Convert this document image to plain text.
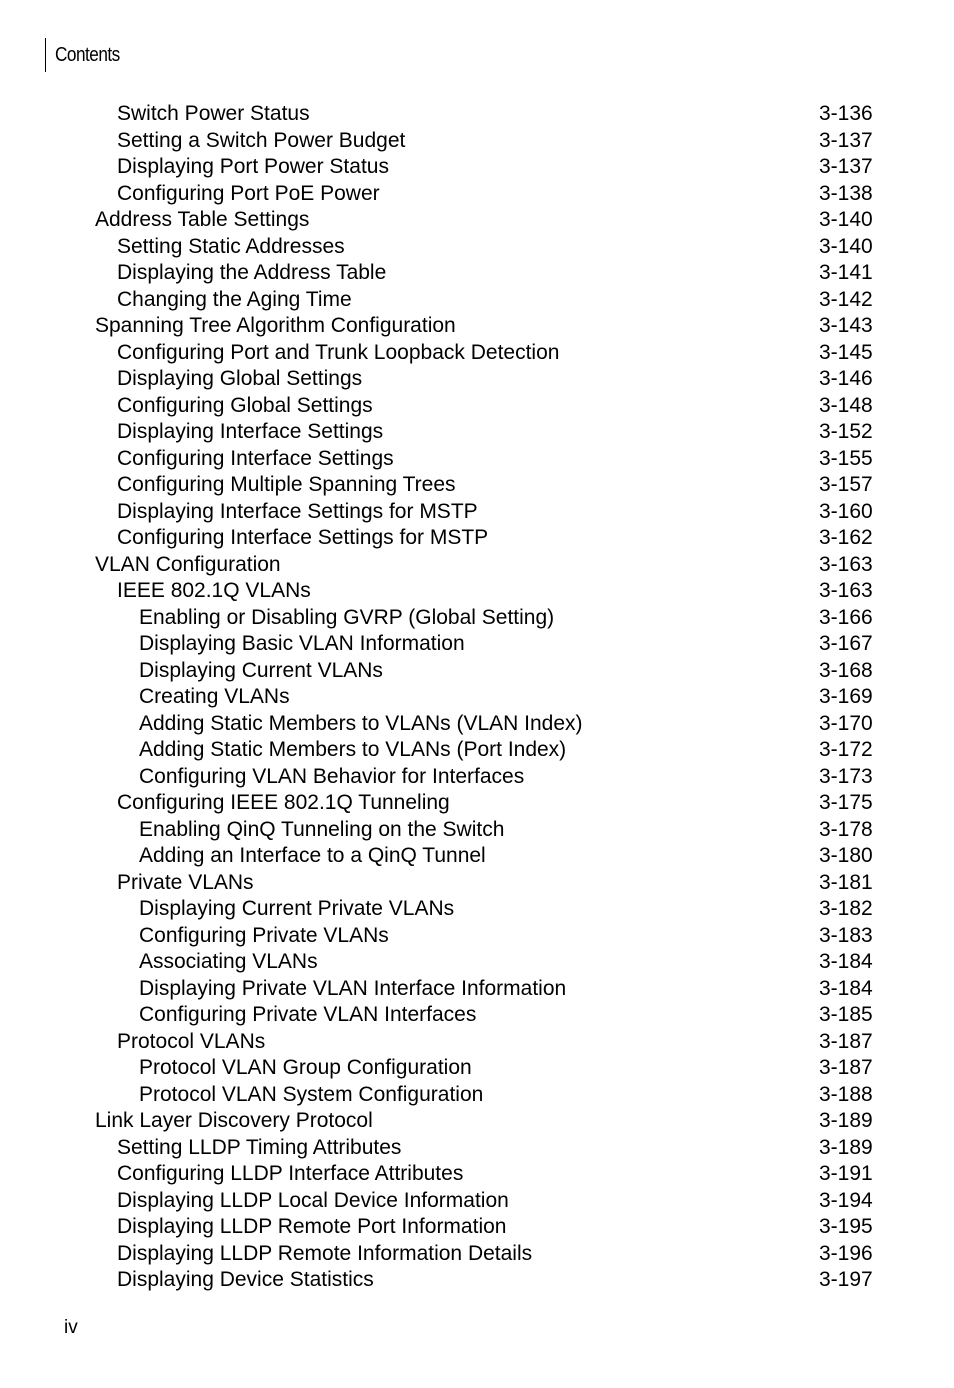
Contents
Switch Power Status	3-136
Setting a Switch Power Budget	3-137
Displaying Port Power Status	3-137
Configuring Port PoE Power	3-138
Address Table Settings	3-140
Setting Static Addresses	3-140
Displaying the Address Table	3-141
Changing the Aging Time	3-142
Spanning Tree Algorithm Configuration	3-143
Configuring Port and Trunk Loopback Detection	3-145
Displaying Global Settings	3-146
Configuring Global Settings	3-148
Displaying Interface Settings	3-152
Configuring Interface Settings	3-155
Configuring Multiple Spanning Trees	3-157
Displaying Interface Settings for MSTP	3-160
Configuring Interface Settings for MSTP	3-162
VLAN Configuration	3-163
IEEE 802.1Q VLANs	3-163
Enabling or Disabling GVRP (Global Setting)	3-166
Displaying Basic VLAN Information	3-167
Displaying Current VLANs	3-168
Creating VLANs	3-169
Adding Static Members to VLANs (VLAN Index)	3-170
Adding Static Members to VLANs (Port Index)	3-172
Configuring VLAN Behavior for Interfaces	3-173
Configuring IEEE 802.1Q Tunneling	3-175
Enabling QinQ Tunneling on the Switch	3-178
Adding an Interface to a QinQ Tunnel	3-180
Private VLANs	3-181
Displaying Current Private VLANs	3-182
Configuring Private VLANs	3-183
Associating VLANs	3-184
Displaying Private VLAN Interface Information	3-184
Configuring Private VLAN Interfaces	3-185
Protocol VLANs	3-187
Protocol VLAN Group Configuration	3-187
Protocol VLAN System Configuration	3-188
Link Layer Discovery Protocol	3-189
Setting LLDP Timing Attributes	3-189
Configuring LLDP Interface Attributes	3-191
Displaying LLDP Local Device Information	3-194
Displaying LLDP Remote Port Information	3-195
Displaying LLDP Remote Information Details	3-196
Displaying Device Statistics	3-197
iv
